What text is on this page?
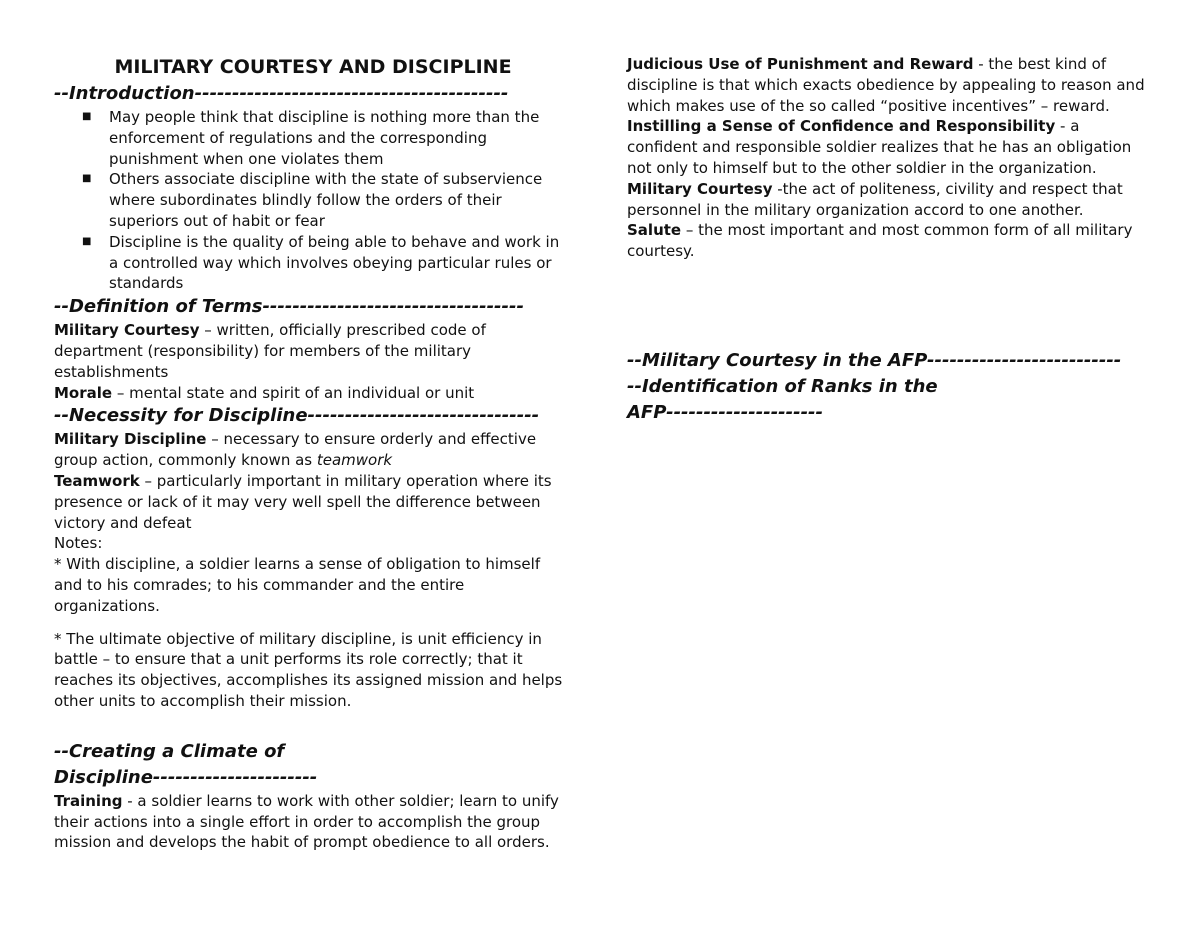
MILITARY COURTESY AND DISCIPLINE
--Introduction------------------------------------------
■ May people think that discipline is nothing more than the enforcement of regulations and the corresponding punishment when one violates them
■ Others associate discipline with the state of subservience where subordinates blindly follow the orders of their superiors out of habit or fear
■ Discipline is the quality of being able to behave and work in a controlled way which involves obeying particular rules or standards
--Definition of Terms-----------------------------------

Military Courtesy – written, officially prescribed code of department (responsibility) for members of the military establishments

Morale – mental state and spirit of an individual or unit

--Necessity for Discipline-------------------------------

Military Discipline – necessary to ensure orderly and effective group action, commonly known as teamwork

Teamwork – particularly important in military operation where its presence or lack of it may very well spell the difference between victory and defeat

Notes:

* With discipline, a soldier learns a sense of obligation to himself and to his comrades; to his commander and the entire organizations.

* The ultimate objective of military discipline, is unit efficiency in battle – to ensure that a unit performs its role correctly; that it reaches its objectives, accomplishes its assigned mission and helps other units to accomplish their mission.

--Creating a Climate of
Discipline----------------------

Training - a soldier learns to work with other soldier; learn to unify their actions into a single effort in order to accomplish the group mission and develops the habit of prompt obedience to all orders.

Judicious Use of Punishment and Reward - the best kind of discipline is that which exacts obedience by appealing to reason and which makes use of the so called “positive incentives” – reward.

Instilling a Sense of Confidence and Responsibility - a confident and responsible soldier realizes that he has an obligation not only to himself but to the other soldier in the organization.

Military Courtesy -the act of politeness, civility and respect that personnel in the military organization accord to one another.

Salute – the most important and most common form of all military courtesy.

--Military Courtesy in the AFP--------------------------
--Identification of Ranks in the
AFP---------------------
